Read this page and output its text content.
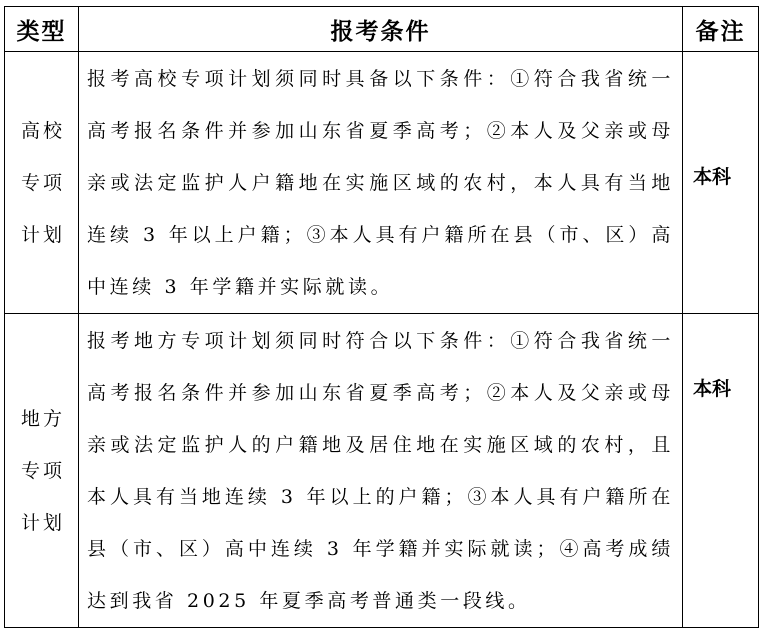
类型	报考条件	备注

高校
专项
计划	报考高校专项计划须同时具备以下条件：①符合我省统一高考报名条件并参加山东省夏季高考；②本人及父亲或母亲或法定监护人户籍地在实施区域的农村，本人具有当地连续 3 年以上户籍；③本人具有户籍所在县（市、区）高中连续 3 年学籍并实际就读。	本科

地方
专项
计划	报考地方专项计划须同时符合以下条件：①符合我省统一高考报名条件并参加山东省夏季高考；②本人及父亲或母亲或法定监护人的户籍地及居住地在实施区域的农村，且本人具有当地连续 3 年以上的户籍；③本人具有户籍所在县（市、区）高中连续 3 年学籍并实际就读；④高考成绩达到我省 2025 年夏季高考普通类一段线。	本科
